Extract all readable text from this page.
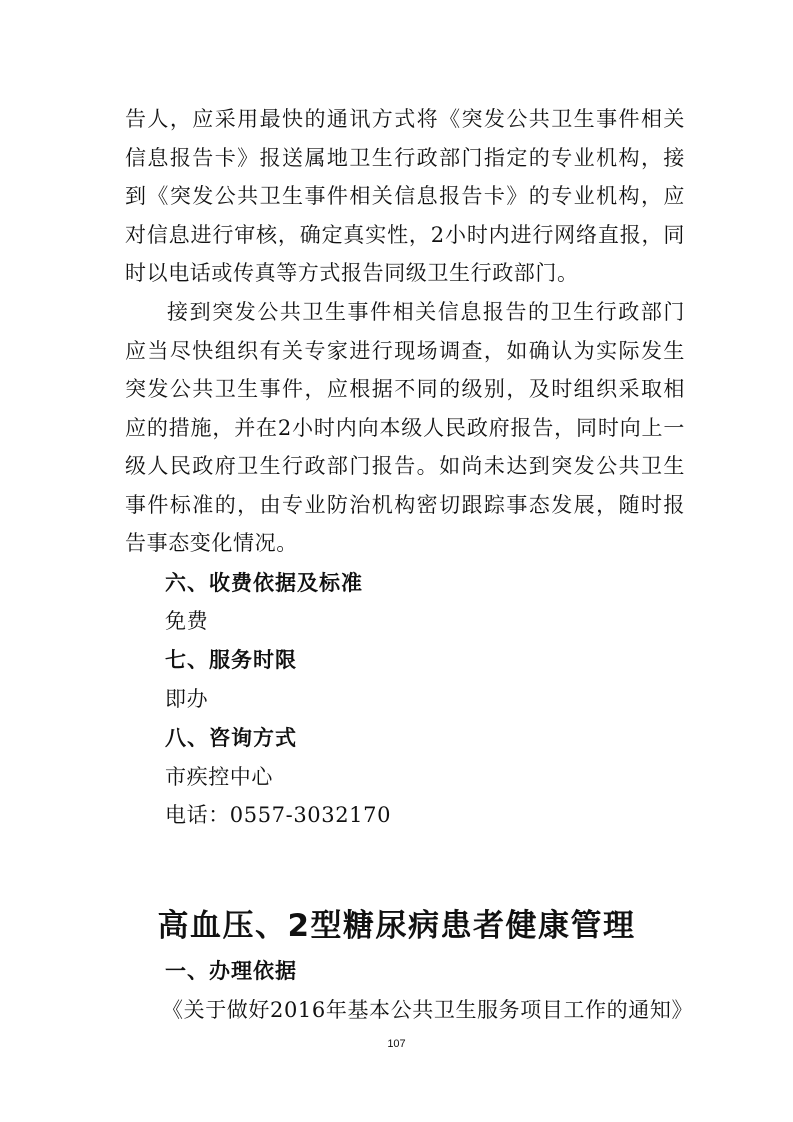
告人，应采用最快的通讯方式将《突发公共卫生事件相关信息报告卡》报送属地卫生行政部门指定的专业机构，接到《突发公共卫生事件相关信息报告卡》的专业机构，应对信息进行审核，确定真实性，2小时内进行网络直报，同时以电话或传真等方式报告同级卫生行政部门。

接到突发公共卫生事件相关信息报告的卫生行政部门应当尽快组织有关专家进行现场调查，如确认为实际发生突发公共卫生事件，应根据不同的级别，及时组织采取相应的措施，并在2小时内向本级人民政府报告，同时向上一级人民政府卫生行政部门报告。如尚未达到突发公共卫生事件标准的，由专业防治机构密切跟踪事态发展，随时报告事态变化情况。

六、收费依据及标准
免费
七、服务时限
即办
八、咨询方式
市疾控中心
电话：0557-3032170
高血压、2型糖尿病患者健康管理
一、办理依据
《关于做好2016年基本公共卫生服务项目工作的通知》
107
